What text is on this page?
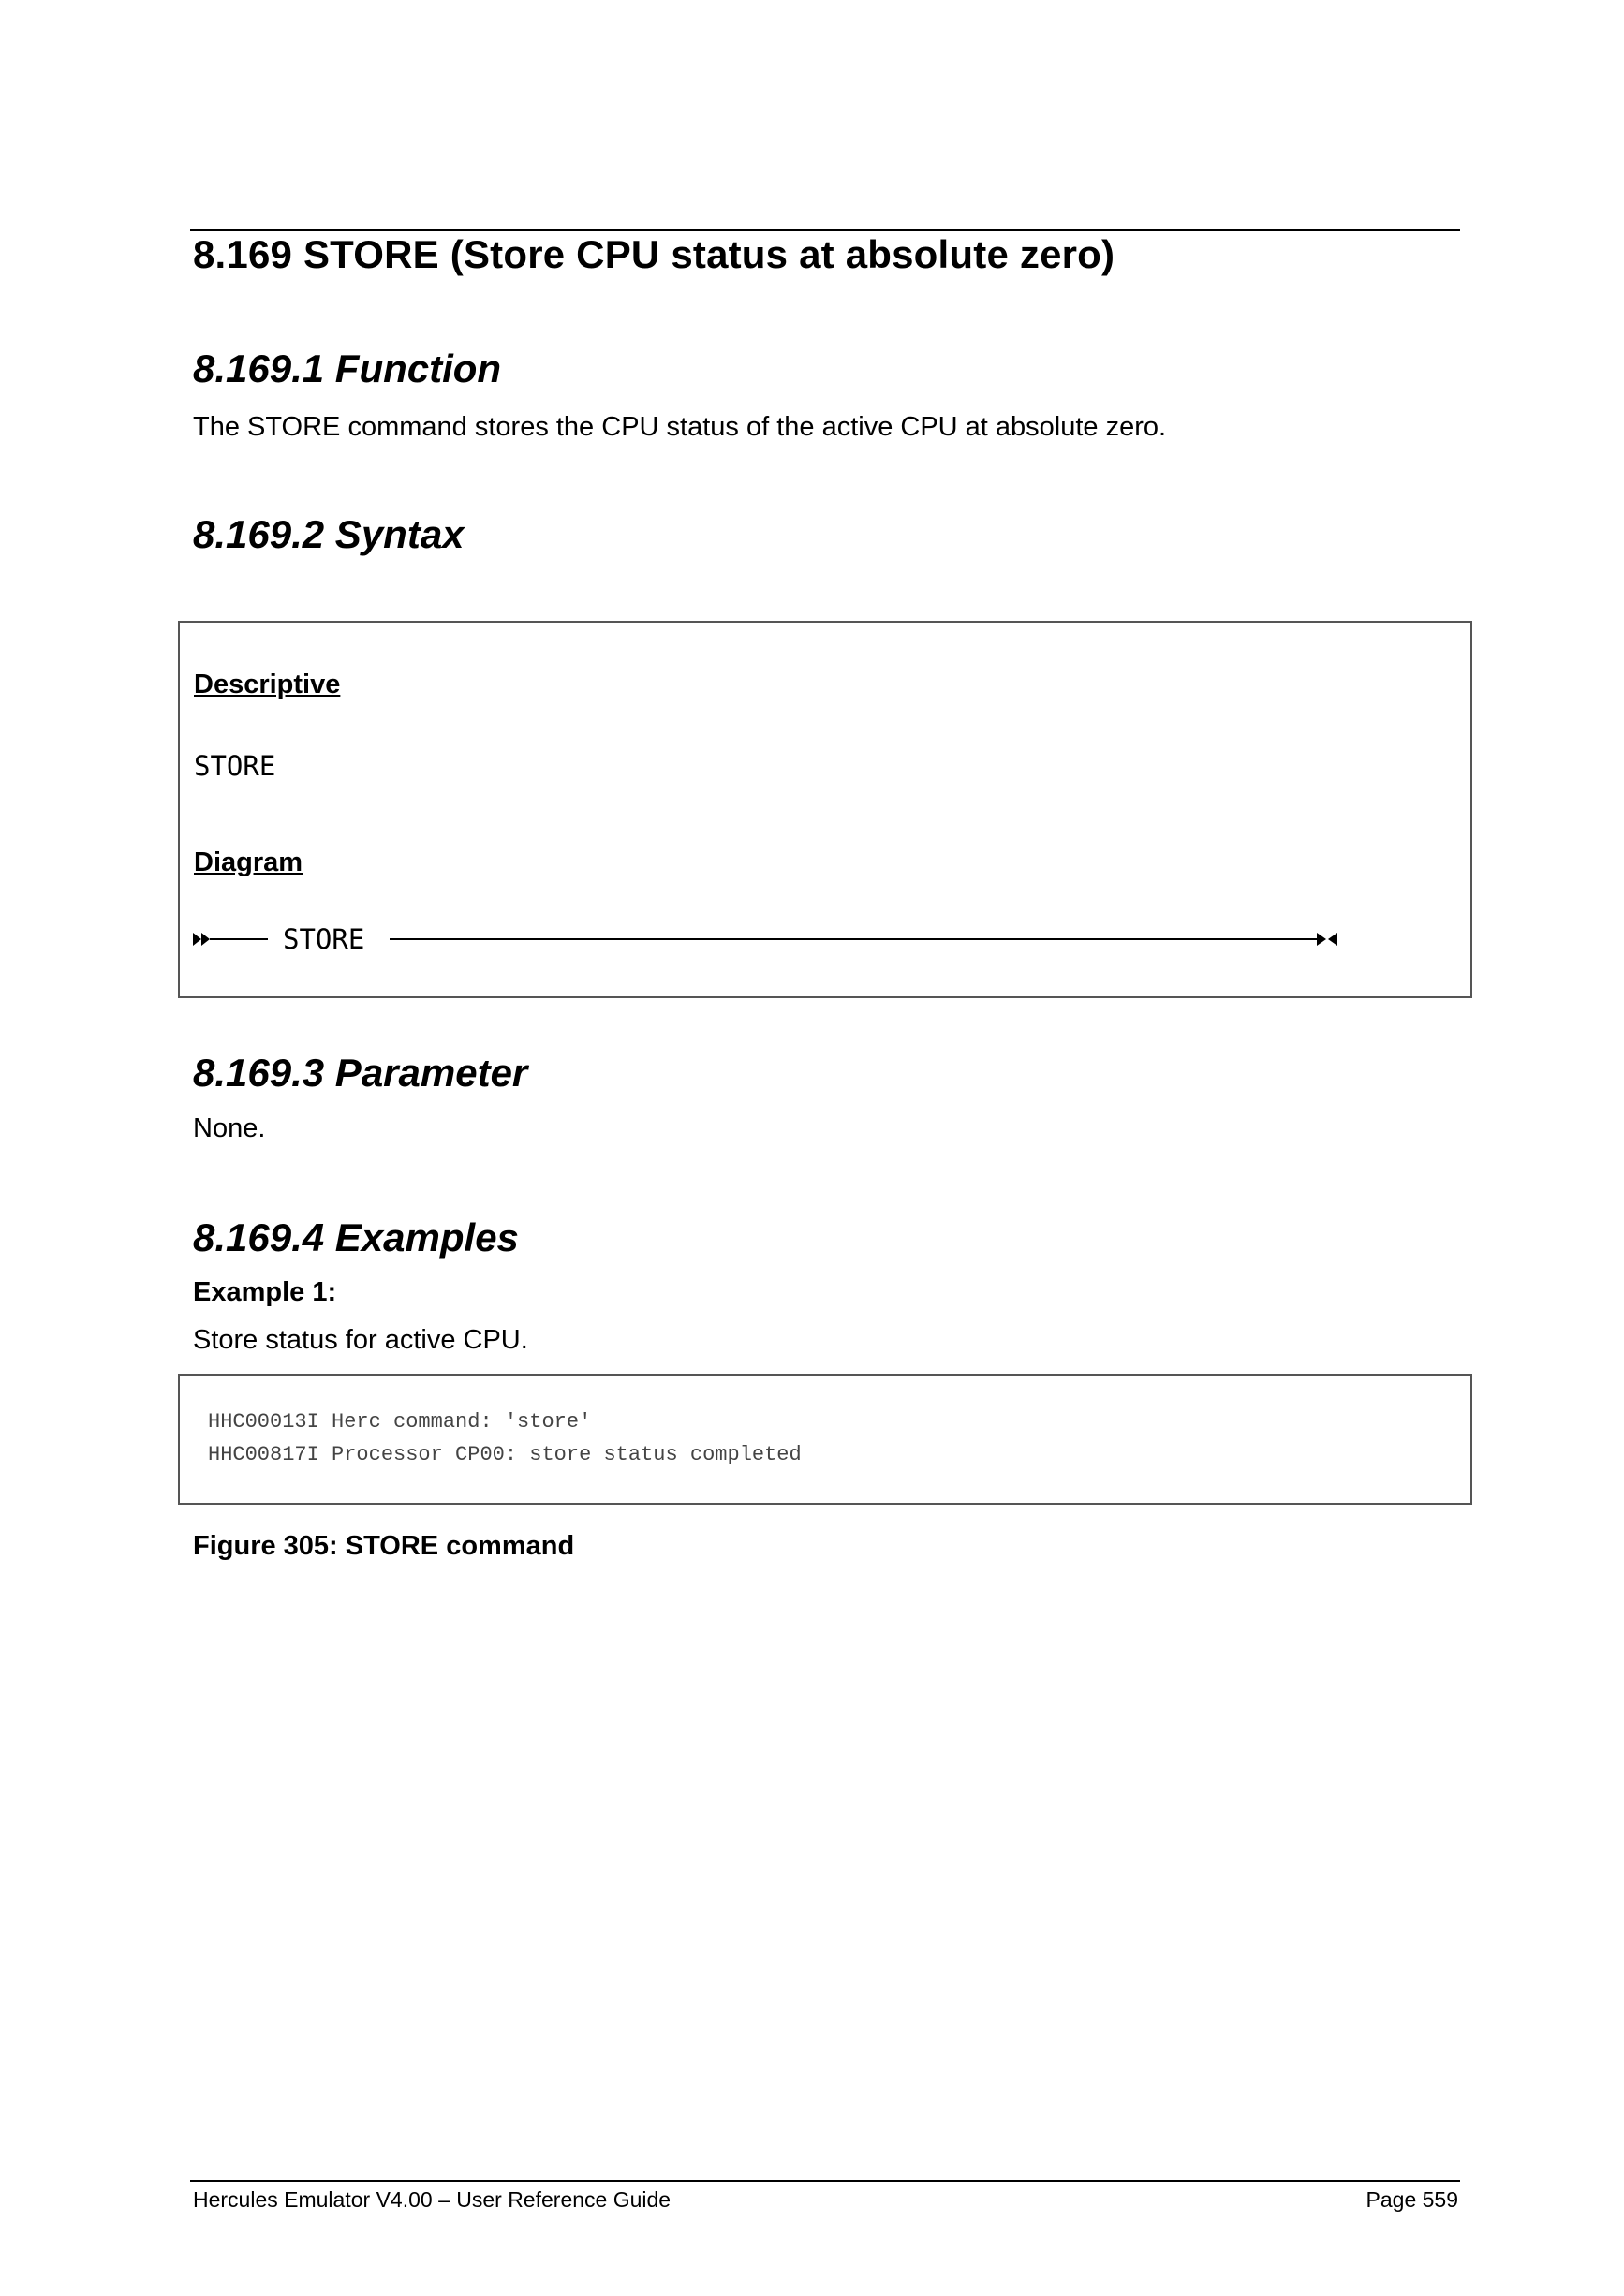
8.169 STORE (Store CPU status at absolute zero)
8.169.1 Function

The STORE command stores the CPU status of the active CPU at absolute zero.

8.169.2 Syntax

Descriptive

STORE

Diagram

STORE
8.169.3 Parameter

None.

8.169.4 Examples

Example 1:

Store status for active CPU.

HHC00013I Herc command: 'store'
HHC00817I Processor CP00: store status completed

Figure 305: STORE command

Hercules Emulator V4.00 – User Reference Guide	Page 559
